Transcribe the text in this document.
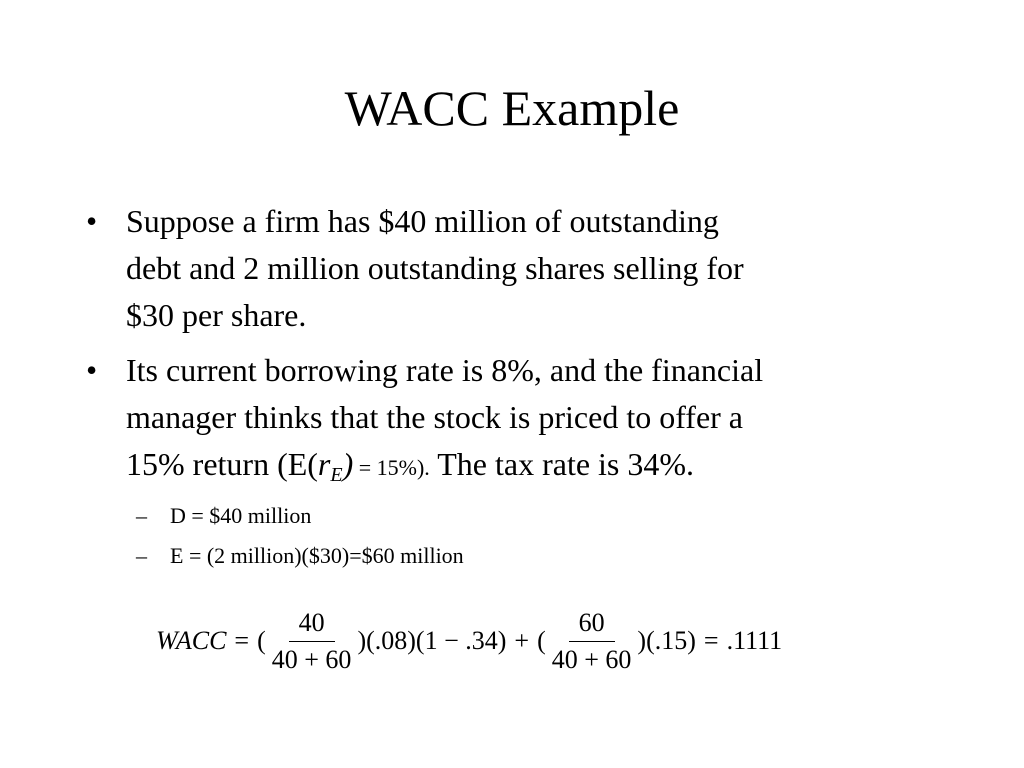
WACC Example
• Suppose a firm has $40 million of outstanding
debt and 2 million outstanding shares selling for
$30 per share.
• Its current borrowing rate is 8%, and the financial
manager thinks that the stock is priced to offer a
15% return (E(rE) = 15%). The tax rate is 34%.
– D = $40 million
– E = (2 million)($30)=$60 million
WACC = ( $\frac{40}{40 + 60} )(.08)(1 - .34)$ + ( $\frac{60}{40 + 60} )(.15) = .1111$
